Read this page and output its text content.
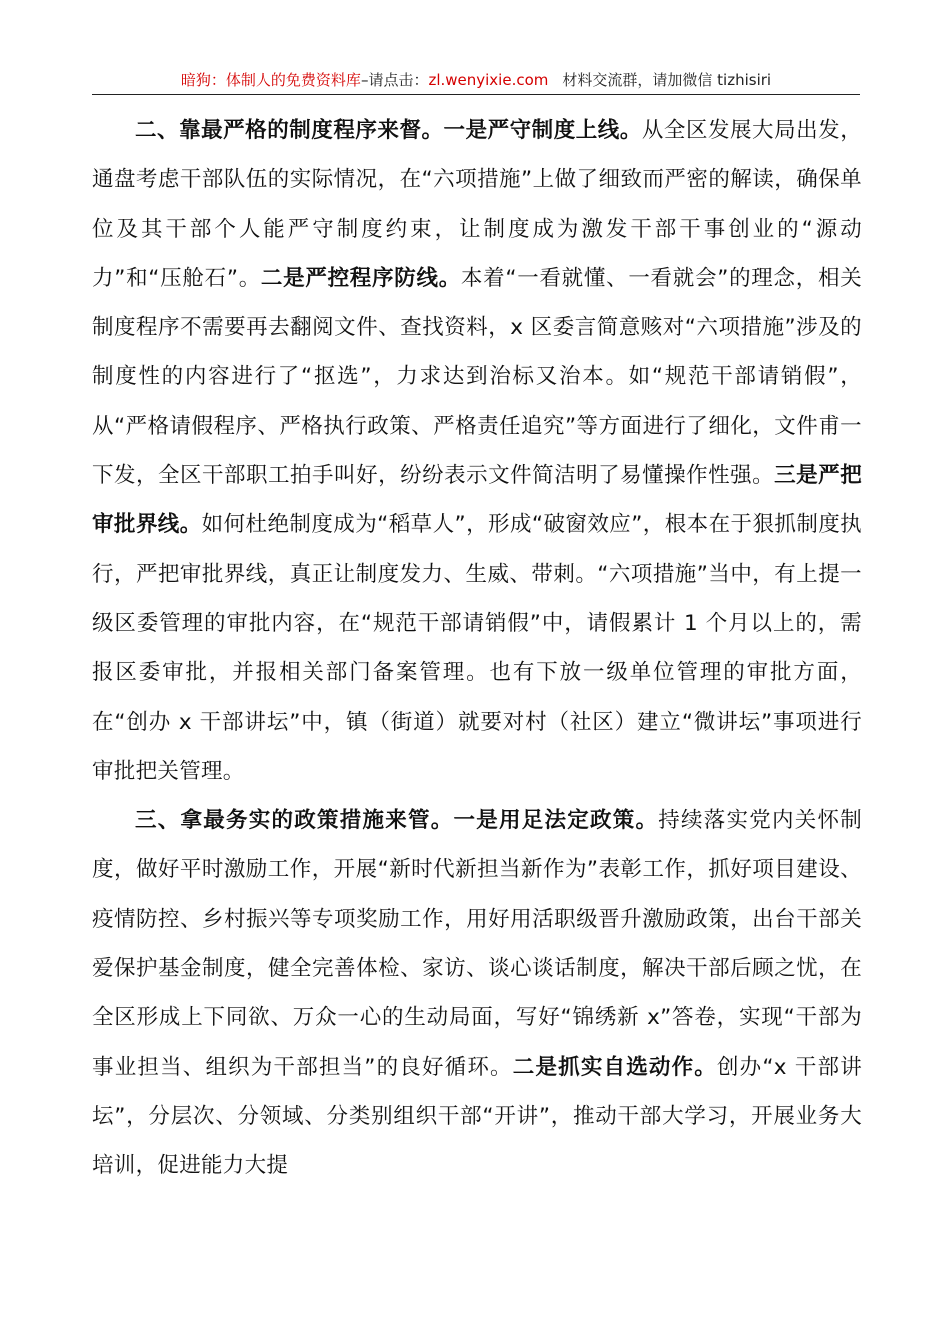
暗狗：体制人的免费资料库–请点击：zl.wenyixie.com 材料交流群，请加微信 tizhisiri

二、靠最严格的制度程序来督。一是严守制度上线。从全区发展大局出发，通盘考虑干部队伍的实际情况，在“六项措施”上做了细致而严密的解读，确保单位及其干部个人能严守制度约束，让制度成为激发干部干事创业的“源动力”和“压舱石”。二是严控程序防线。本着“一看就懂、一看就会”的理念，相关制度程序不需要再去翻阅文件、查找资料，x 区委言简意赅对“六项措施”涉及的制度性的内容进行了“抠选”，力求达到治标又治本。如“规范干部请销假”，从“严格请假程序、严格执行政策、严格责任追究”等方面进行了细化，文件甫一下发，全区干部职工拍手叫好，纷纷表示文件简洁明了易懂操作性强。三是严把审批界线。如何杜绝制度成为“稻草人”，形成“破窗效应”，根本在于狠抓制度执行，严把审批界线，真正让制度发力、生威、带刺。“六项措施”当中，有上提一级区委管理的审批内容，在“规范干部请销假”中，请假累计 1 个月以上的，需报区委审批，并报相关部门备案管理。也有下放一级单位管理的审批方面，在“创办 x 干部讲坛”中，镇（街道）就要对村（社区）建立“微讲坛”事项进行审批把关管理。

三、拿最务实的政策措施来管。一是用足法定政策。持续落实党内关怀制度，做好平时激励工作，开展“新时代新担当新作为”表彰工作，抓好项目建设、疫情防控、乡村振兴等专项奖励工作，用好用活职级晋升激励政策，出台干部关爱保护基金制度，健全完善体检、家访、谈心谈话制度，解决干部后顾之忧，在全区形成上下同欲、万众一心的生动局面，写好“锦绣新 x”答卷，实现“干部为事业担当、组织为干部担当”的良好循环。二是抓实自选动作。创办“x 干部讲坛”，分层次、分领域、分类别组织干部“开讲”，推动干部大学习，开展业务大培训，促进能力大提
